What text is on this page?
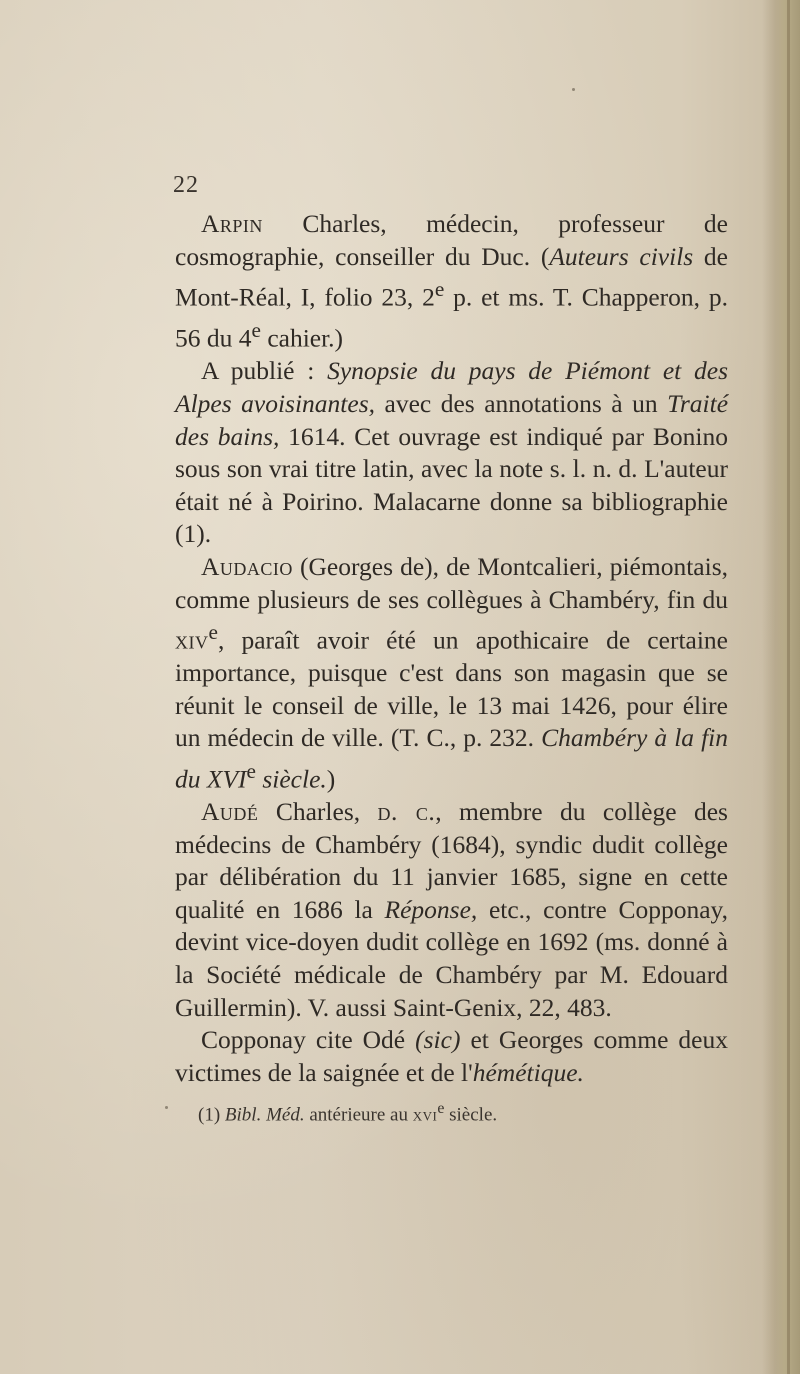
22

Arpin Charles, médecin, professeur de cosmographie, conseiller du Duc. (Auteurs civils de Mont-Réal, I, folio 23, 2e p. et ms. T. Chapperon, p. 56 du 4e cahier.)

A publié : Synopsie du pays de Piémont et des Alpes avoisinantes, avec des annotations à un Traité des bains, 1614. Cet ouvrage est indiqué par Bonino sous son vrai titre latin, avec la note s. l. n. d. L'auteur était né à Poirino. Malacarne donne sa bibliographie (1).

Audacio (Georges de), de Montcalieri, piémontais, comme plusieurs de ses collègues à Chambéry, fin du xiv$^e$, paraît avoir été un apothicaire de certaine importance, puisque c'est dans son magasin que se réunit le conseil de ville, le 13 mai 1426, pour élire un médecin de ville. (T. C., p. 232. Chambéry à la fin du XVIe siècle.)

Audé Charles, d. c., membre du collège des médecins de Chambéry (1684), syndic dudit collège par délibération du 11 janvier 1685, signe en cette qualité en 1686 la Réponse, etc., contre Copponay, devint vice-doyen dudit collège en 1692 (ms. donné à la Société médicale de Chambéry par M. Edouard Guillermin). V. aussi Saint-Genix, 22, 483.

Copponay cite Odé (sic) et Georges comme deux victimes de la saignée et de l'hémétique.

(1) Bibl. Méd. antérieure au xvi$^e$ siècle.
